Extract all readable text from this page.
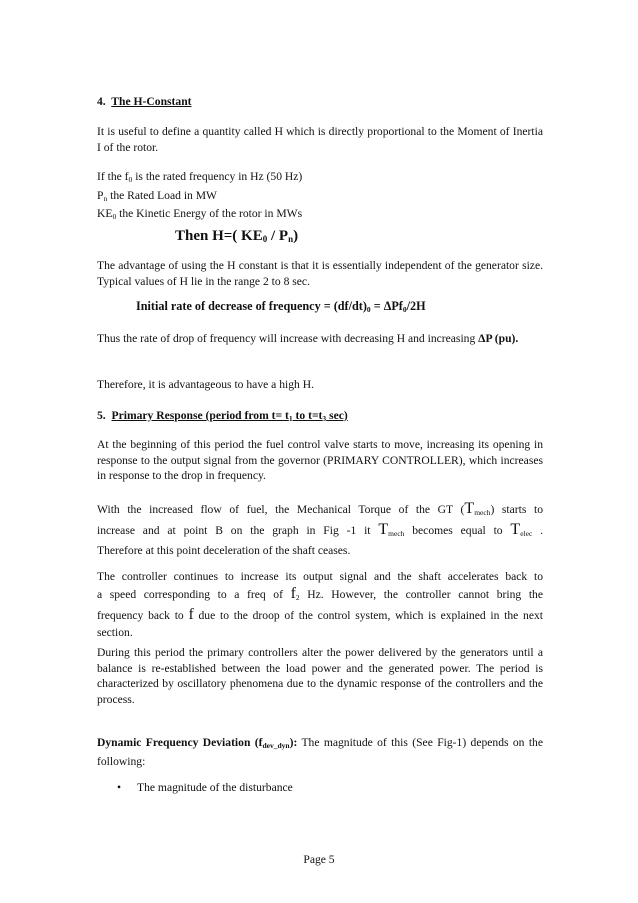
4. The H-Constant

It is useful to define a quantity called H which is directly proportional to the Moment of Inertia I of the rotor.

If the $f_0$ is the rated frequency in Hz (50 Hz)
$P_n$ the Rated Load in MW
$KE_0$ the Kinetic Energy of the rotor in MWs
Then H=( $KE_0 / P_n$)

The advantage of using the H constant is that it is essentially independent of the generator size. Typical values of H lie in the range 2 to 8 sec.

Initial rate of decrease of frequency = $(df/dt)_0 = \Delta Pf_0/2H$

Thus the rate of drop of frequency will increase with decreasing H and increasing ΔP (pu).

Therefore, it is advantageous to have a high H.

5. Primary Response (period from $t= t_1$ to $t=t_3$ sec)

At the beginning of this period the fuel control valve starts to move, increasing its opening in response to the output signal from the governor (PRIMARY CONTROLLER), which increases in response to the drop in frequency.

With the increased flow of fuel, the Mechanical Torque of the GT $(T_{mech})$ starts to
increase and at point B on the graph in Fig -1 it $T_{mech}$ becomes equal to $T_{elec}$ .
Therefore at this point deceleration of the shaft ceases.
The controller continues to increase its output signal and the shaft accelerates back to
a speed corresponding to a freq of $f_2$ Hz. However, the controller cannot bring the
frequency back to f due to the droop of the control system, which is explained in the next section.

During this period the primary controllers alter the power delivered by the generators until a balance is re-established between the load power and the generated power. The period is characterized by oscillatory phenomena due to the dynamic response of the controllers and the process.

Dynamic Frequency Deviation $(f_{dev\_dyn})$: The magnitude of this (See Fig-1) depends on the following:

• The magnitude of the disturbance
Page 5
